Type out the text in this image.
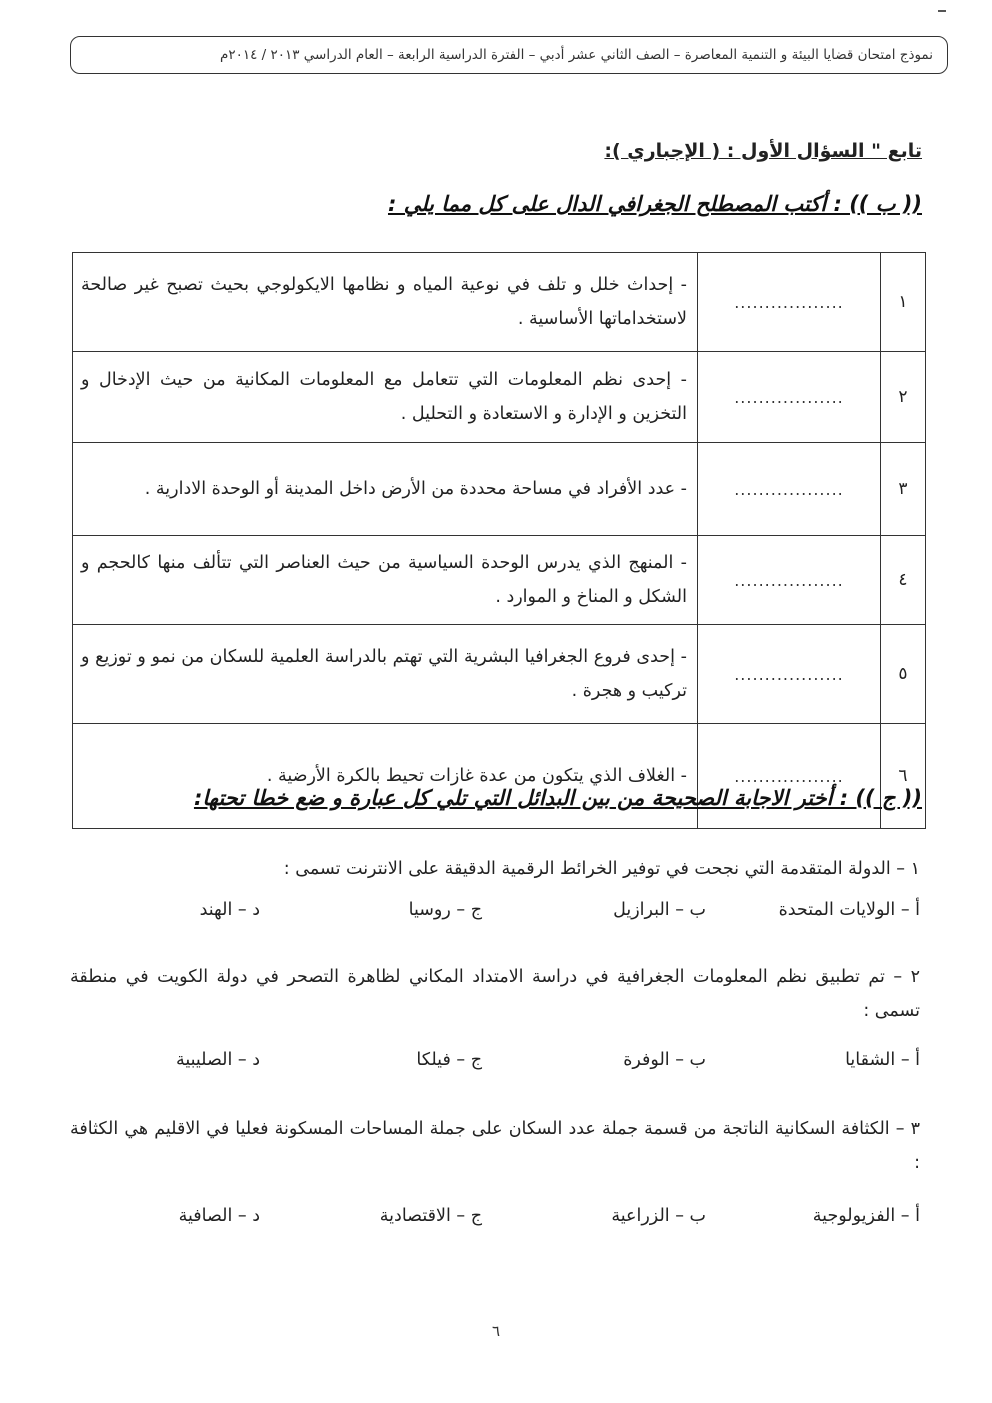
نموذج امتحان قضايا البيئة و التنمية المعاصرة – الصف الثاني عشر أدبي – الفترة الدراسية الرابعة – العام الدراسي ٢٠١٣ / ٢٠١٤م
تابع " السؤال الأول : ( الإجباري ):
(( ب )) : أكتب المصطلح الجغرافي الدال على كل مما يلي :
١	..................	- إحداث خلل و تلف في نوعية المياه و نظامها الايكولوجي بحيث تصبح غير صالحة لاستخداماتها الأساسية .
٢	..................	- إحدى نظم المعلومات التي تتعامل مع المعلومات المكانية من حيث الإدخال و التخزين و الإدارة و الاستعادة و التحليل .
٣	..................	- عدد الأفراد في مساحة محددة من الأرض داخل المدينة أو الوحدة الادارية .
٤	..................	- المنهج الذي يدرس الوحدة السياسية من حيث العناصر التي تتألف منها كالحجم و الشكل و المناخ و الموارد .
٥	..................	- إحدى فروع الجغرافيا البشرية التي تهتم بالدراسة العلمية للسكان من نمو و توزيع و تركيب و هجرة .
٦	..................	- الغلاف الذي يتكون من عدة غازات تحيط بالكرة الأرضية .
(( ج )) : أختر الاجابة الصحيحة من بين البدائل التي تلي كل عبارة و ضع خطا تحتها:
١ – الدولة المتقدمة التي نجحت في توفير الخرائط الرقمية الدقيقة على الانترنت تسمى :
أ – الولايات المتحدة
ب – البرازيل
ج – روسيا
د – الهند
٢ – تم تطبيق نظم المعلومات الجغرافية في دراسة الامتداد المكاني لظاهرة التصحر في دولة الكويت في منطقة تسمى :
أ – الشقايا
ب – الوفرة
ج – فيلكا
د – الصليبية
٣ – الكثافة السكانية الناتجة من قسمة جملة عدد السكان على جملة المساحات المسكونة فعليا في الاقليم هي الكثافة :
أ – الفزيولوجية
ب – الزراعية
ج – الاقتصادية
د – الصافية
٦
